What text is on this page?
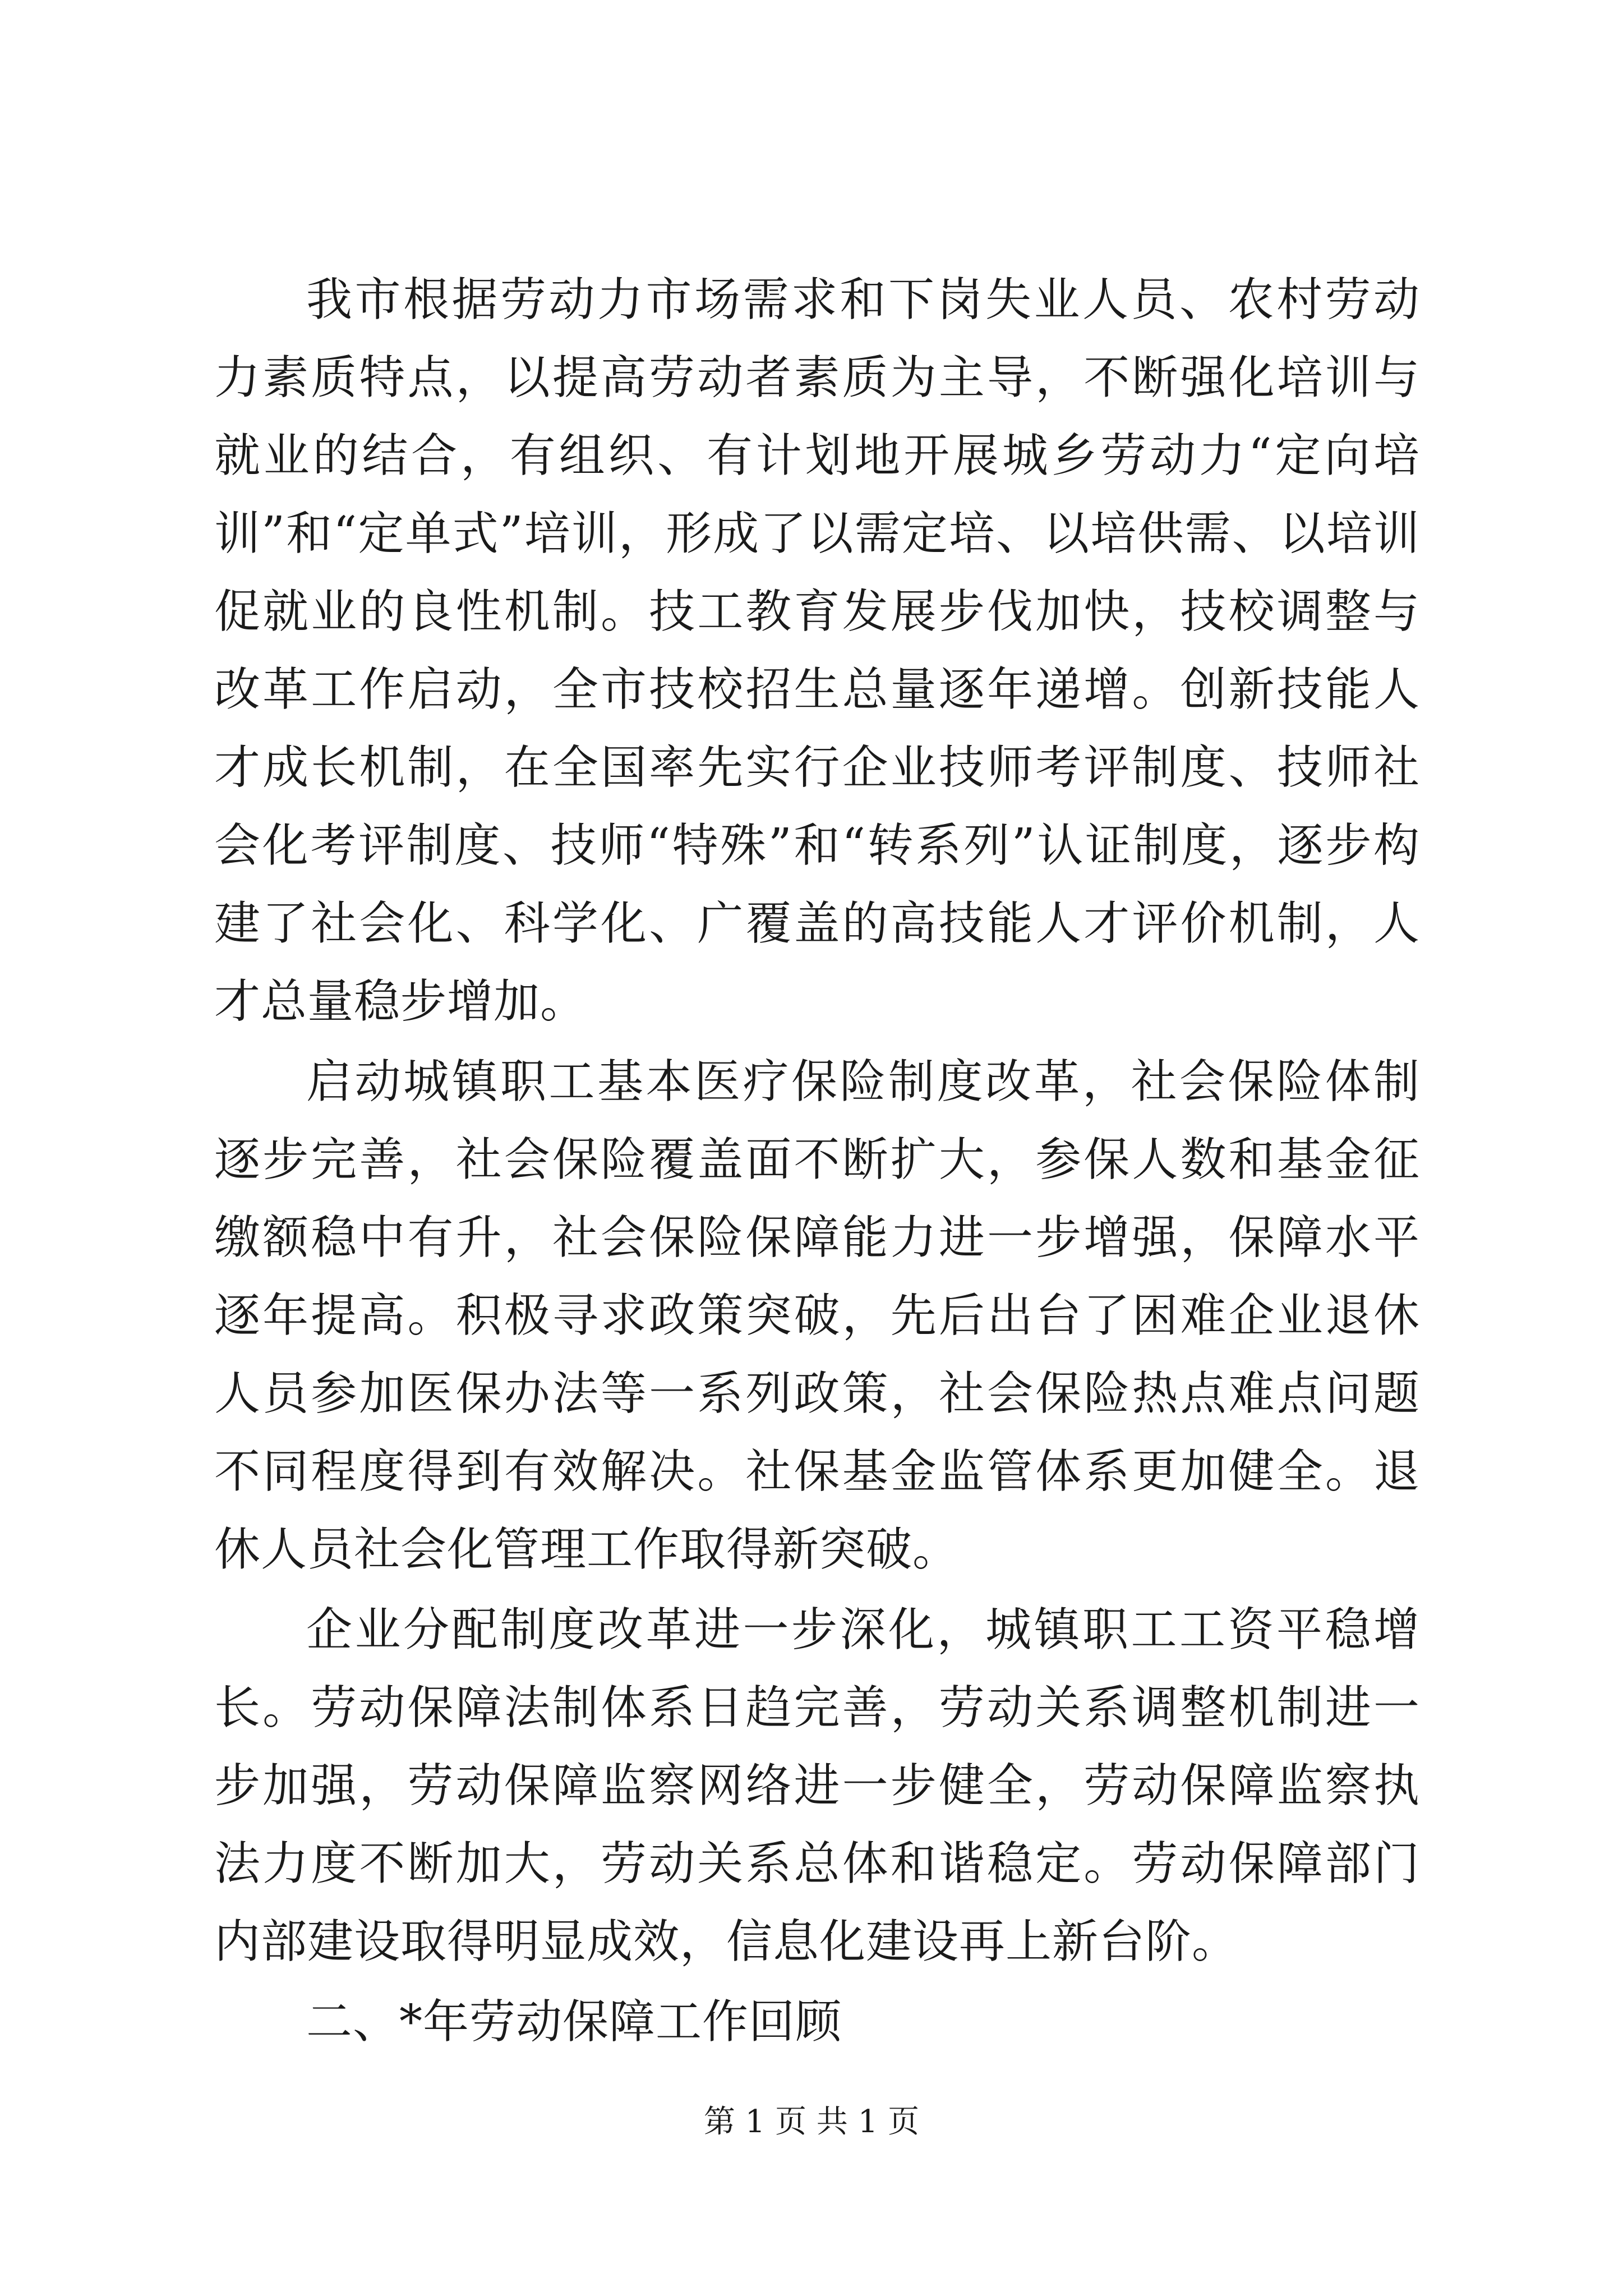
我市根据劳动力市场需求和下岗失业人员、农村劳动力素质特点，以提高劳动者素质为主导，不断强化培训与就业的结合，有组织、有计划地开展城乡劳动力“定向培训”和“定单式”培训，形成了以需定培、以培供需、以培训促就业的良性机制。技工教育发展步伐加快，技校调整与改革工作启动，全市技校招生总量逐年递增。创新技能人才成长机制，在全国率先实行企业技师考评制度、技师社会化考评制度、技师“特殊”和“转系列”认证制度，逐步构建了社会化、科学化、广覆盖的高技能人才评价机制，人才总量稳步增加。

启动城镇职工基本医疗保险制度改革，社会保险体制逐步完善，社会保险覆盖面不断扩大，参保人数和基金征缴额稳中有升，社会保险保障能力进一步增强，保障水平逐年提高。积极寻求政策突破，先后出台了困难企业退休人员参加医保办法等一系列政策，社会保险热点难点问题不同程度得到有效解决。社保基金监管体系更加健全。退休人员社会化管理工作取得新突破。

企业分配制度改革进一步深化，城镇职工工资平稳增长。劳动保障法制体系日趋完善，劳动关系调整机制进一步加强，劳动保障监察网络进一步健全，劳动保障监察执法力度不断加大，劳动关系总体和谐稳定。劳动保障部门内部建设取得明显成效，信息化建设再上新台阶。

二、*年劳动保障工作回顾

第 1 页 共 1 页
